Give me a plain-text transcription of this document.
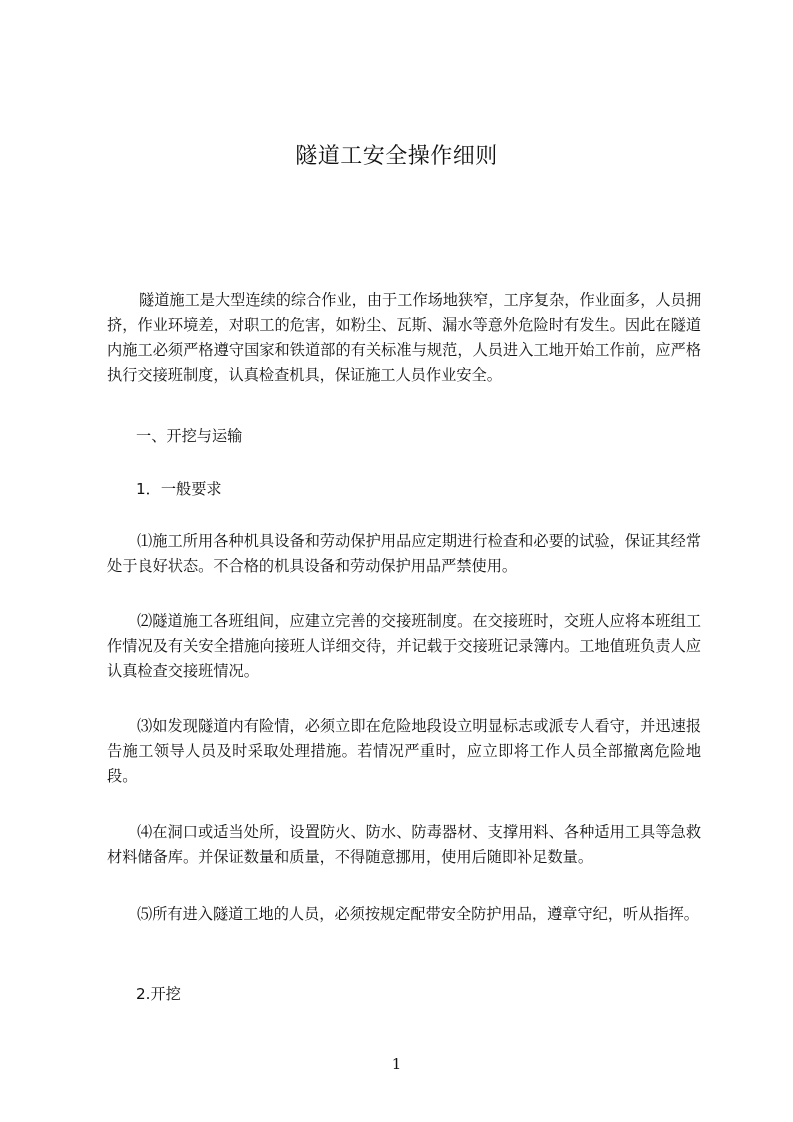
隧道工安全操作细则

隧道施工是大型连续的综合作业，由于工作场地狭窄，工序复杂，作业面多，人员拥挤，作业环境差，对职工的危害，如粉尘、瓦斯、漏水等意外危险时有发生。因此在隧道内施工必须严格遵守国家和铁道部的有关标准与规范，人员进入工地开始工作前，应严格执行交接班制度，认真检查机具，保证施工人员作业安全。

一、开挖与运输
1．一般要求

⑴施工所用各种机具设备和劳动保护用品应定期进行检查和必要的试验，保证其经常处于良好状态。不合格的机具设备和劳动保护用品严禁使用。

⑵隧道施工各班组间，应建立完善的交接班制度。在交接班时，交班人应将本班组工作情况及有关安全措施向接班人详细交待，并记载于交接班记录簿内。工地值班负责人应认真检查交接班情况。

⑶如发现隧道内有险情，必须立即在危险地段设立明显标志或派专人看守，并迅速报告施工领导人员及时采取处理措施。若情况严重时，应立即将工作人员全部撤离危险地段。

⑷在洞口或适当处所，设置防火、防水、防毒器材、支撑用料、各种适用工具等急救材料储备库。并保证数量和质量，不得随意挪用，使用后随即补足数量。

⑸所有进入隧道工地的人员，必须按规定配带安全防护用品，遵章守纪，听从指挥。

2.开挖
1
